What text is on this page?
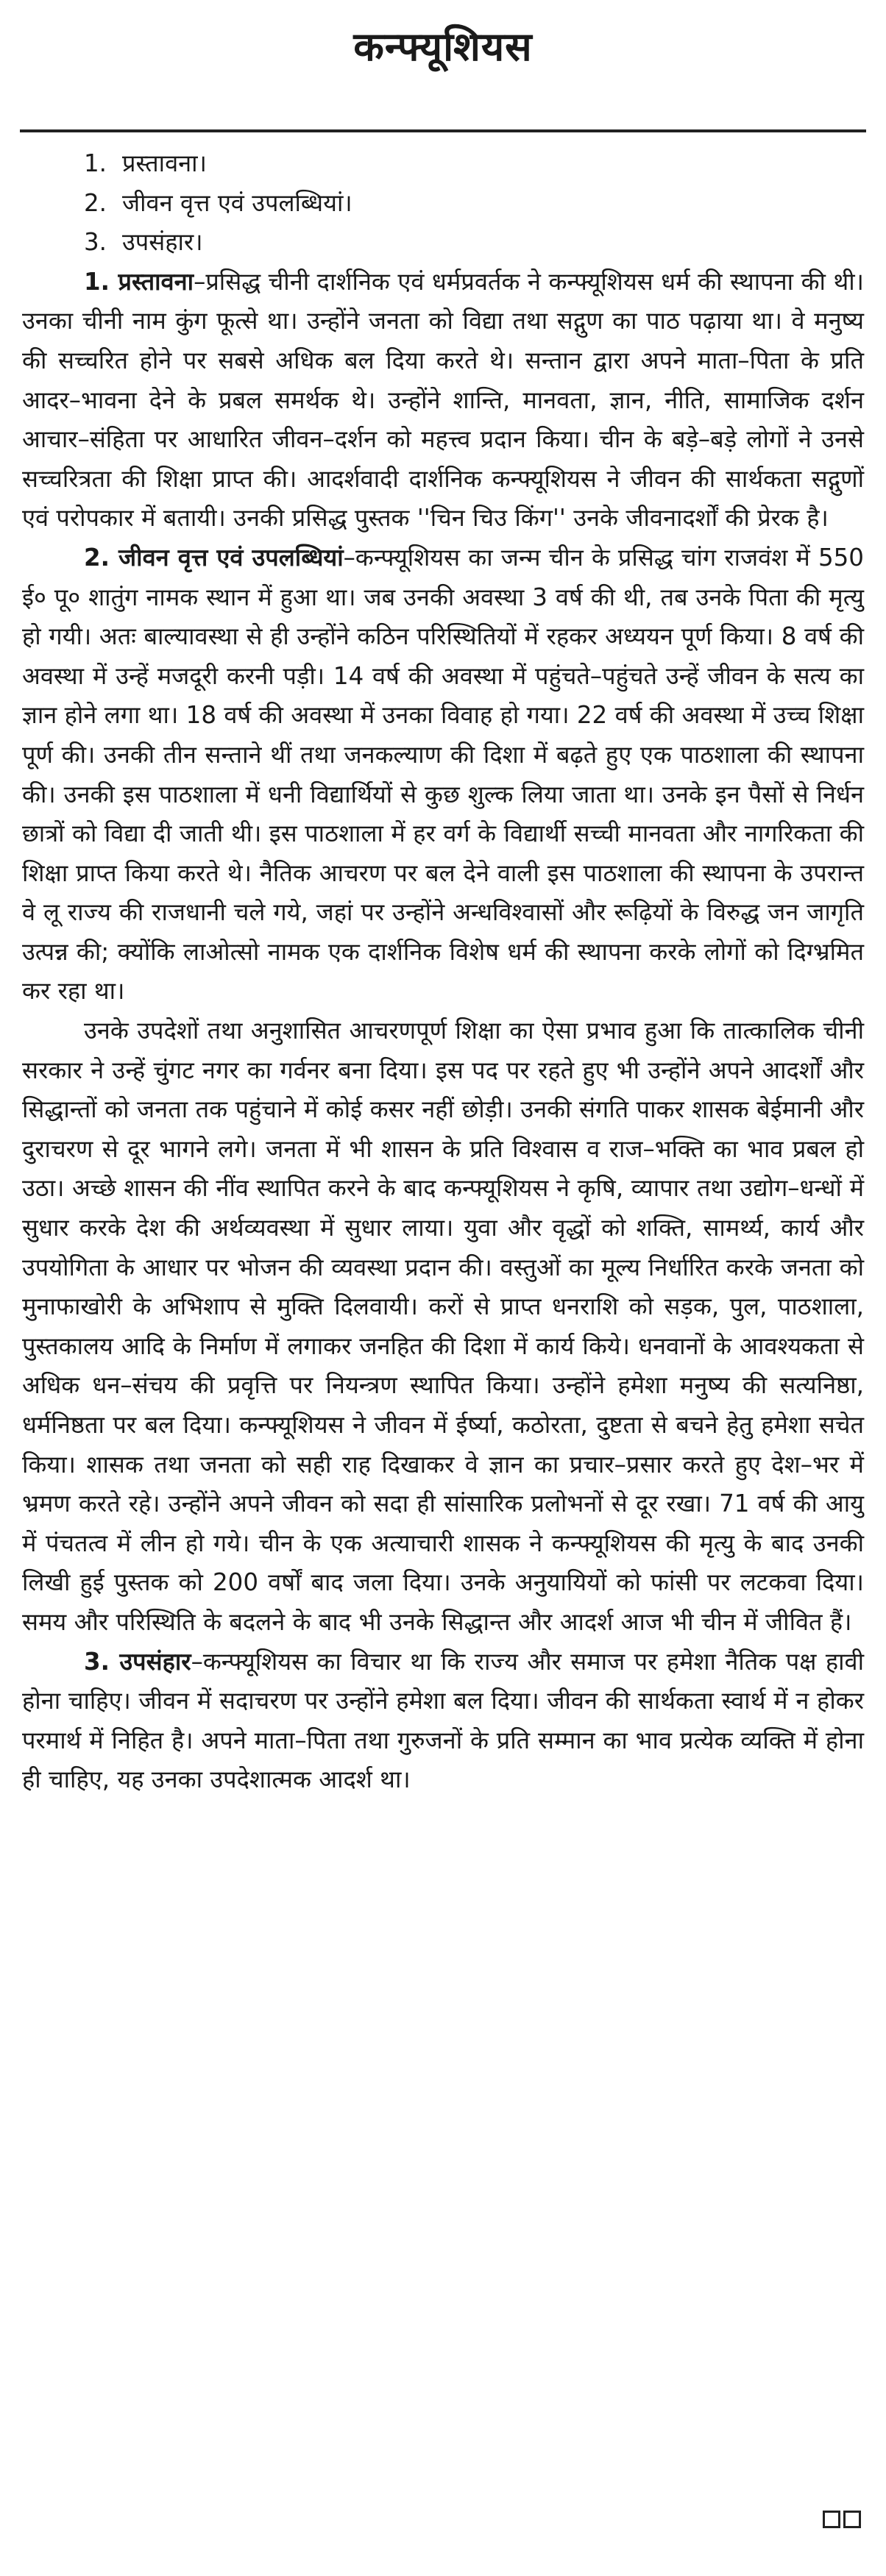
कन्फ्यूशियस
1. प्रस्तावना।
2. जीवन वृत्त एवं उपलब्धियां।
3. उपसंहार।

1. प्रस्तावना–प्रसिद्ध चीनी दार्शनिक एवं धर्मप्रवर्तक ने कन्फ्यूशियस धर्म की स्थापना की थी। उनका चीनी नाम कुंग फूत्से था। उन्होंने जनता को विद्या तथा सद्गुण का पाठ पढ़ाया था। वे मनुष्य की सच्चरित होने पर सबसे अधिक बल दिया करते थे। सन्तान द्वारा अपने माता–पिता के प्रति आदर–भावना देने के प्रबल समर्थक थे। उन्होंने शान्ति, मानवता, ज्ञान, नीति, सामाजिक दर्शन आचार–संहिता पर आधारित जीवन–दर्शन को महत्त्व प्रदान किया। चीन के बड़े–बड़े लोगों ने उनसे सच्चरित्रता की शिक्षा प्राप्त की। आदर्शवादी दार्शनिक कन्फ्यूशियस ने जीवन की सार्थकता सद्गुणों एवं परोपकार में बतायी। उनकी प्रसिद्ध पुस्तक ''चिन चिउ किंग'' उनके जीवनादर्शों की प्रेरक है।

2. जीवन वृत्त एवं उपलब्धियां–कन्फ्यूशियस का जन्म चीन के प्रसिद्ध चांग राजवंश में 550 ई० पू० शातुंग नामक स्थान में हुआ था। जब उनकी अवस्था 3 वर्ष की थी, तब उनके पिता की मृत्यु हो गयी। अतः बाल्यावस्था से ही उन्होंने कठिन परिस्थितियों में रहकर अध्ययन पूर्ण किया। 8 वर्ष की अवस्था में उन्हें मजदूरी करनी पड़ी। 14 वर्ष की अवस्था में पहुंचते–पहुंचते उन्हें जीवन के सत्य का ज्ञान होने लगा था। 18 वर्ष की अवस्था में उनका विवाह हो गया। 22 वर्ष की अवस्था में उच्च शिक्षा पूर्ण की। उनकी तीन सन्ताने थीं तथा जनकल्याण की दिशा में बढ़ते हुए एक पाठशाला की स्थापना की। उनकी इस पाठशाला में धनी विद्यार्थियों से कुछ शुल्क लिया जाता था। उनके इन पैसों से निर्धन छात्रों को विद्या दी जाती थी। इस पाठशाला में हर वर्ग के विद्यार्थी सच्ची मानवता और नागरिकता की शिक्षा प्राप्त किया करते थे। नैतिक आचरण पर बल देने वाली इस पाठशाला की स्थापना के उपरान्त वे लू राज्य की राजधानी चले गये, जहां पर उन्होंने अन्धविश्वासों और रूढ़ियों के विरुद्ध जन जागृति उत्पन्न की; क्योंकि लाओत्सो नामक एक दार्शनिक विशेष धर्म की स्थापना करके लोगों को दिग्भ्रमित कर रहा था।

उनके उपदेशों तथा अनुशासित आचरणपूर्ण शिक्षा का ऐसा प्रभाव हुआ कि तात्कालिक चीनी सरकार ने उन्हें चुंगट नगर का गर्वनर बना दिया। इस पद पर रहते हुए भी उन्होंने अपने आदर्शों और सिद्धान्तों को जनता तक पहुंचाने में कोई कसर नहीं छोड़ी। उनकी संगति पाकर शासक बेईमानी और दुराचरण से दूर भागने लगे। जनता में भी शासन के प्रति विश्वास व राज–भक्ति का भाव प्रबल हो उठा। अच्छे शासन की नींव स्थापित करने के बाद कन्फ्यूशियस ने कृषि, व्यापार तथा उद्योग–धन्धों में सुधार करके देश की अर्थव्यवस्था में सुधार लाया। युवा और वृद्धों को शक्ति, सामर्थ्य, कार्य और उपयोगिता के आधार पर भोजन की व्यवस्था प्रदान की। वस्तुओं का मूल्य निर्धारित करके जनता को मुनाफाखोरी के अभिशाप से मुक्ति दिलवायी। करों से प्राप्त धनराशि को सड़क, पुल, पाठशाला, पुस्तकालय आदि के निर्माण में लगाकर जनहित की दिशा में कार्य किये। धनवानों के आवश्यकता से अधिक धन–संचय की प्रवृत्ति पर नियन्त्रण स्थापित किया। उन्होंने हमेशा मनुष्य की सत्यनिष्ठा, धर्मनिष्ठता पर बल दिया। कन्फ्यूशियस ने जीवन में ईर्ष्या, कठोरता, दुष्टता से बचने हेतु हमेशा सचेत किया। शासक तथा जनता को सही राह दिखाकर वे ज्ञान का प्रचार–प्रसार करते हुए देश–भर में भ्रमण करते रहे। उन्होंने अपने जीवन को सदा ही सांसारिक प्रलोभनों से दूर रखा। 71 वर्ष की आयु में पंचतत्व में लीन हो गये। चीन के एक अत्याचारी शासक ने कन्फ्यूशियस की मृत्यु के बाद उनकी लिखी हुई पुस्तक को 200 वर्षों बाद जला दिया। उनके अनुयायियों को फांसी पर लटकवा दिया। समय और परिस्थिति के बदलने के बाद भी उनके सिद्धान्त और आदर्श आज भी चीन में जीवित हैं।

3. उपसंहार–कन्फ्यूशियस का विचार था कि राज्य और समाज पर हमेशा नैतिक पक्ष हावी होना चाहिए। जीवन में सदाचरण पर उन्होंने हमेशा बल दिया। जीवन की सार्थकता स्वार्थ में न होकर परमार्थ में निहित है। अपने माता–पिता तथा गुरुजनों के प्रति सम्मान का भाव प्रत्येक व्यक्ति में होना ही चाहिए, यह उनका उपदेशात्मक आदर्श था।
